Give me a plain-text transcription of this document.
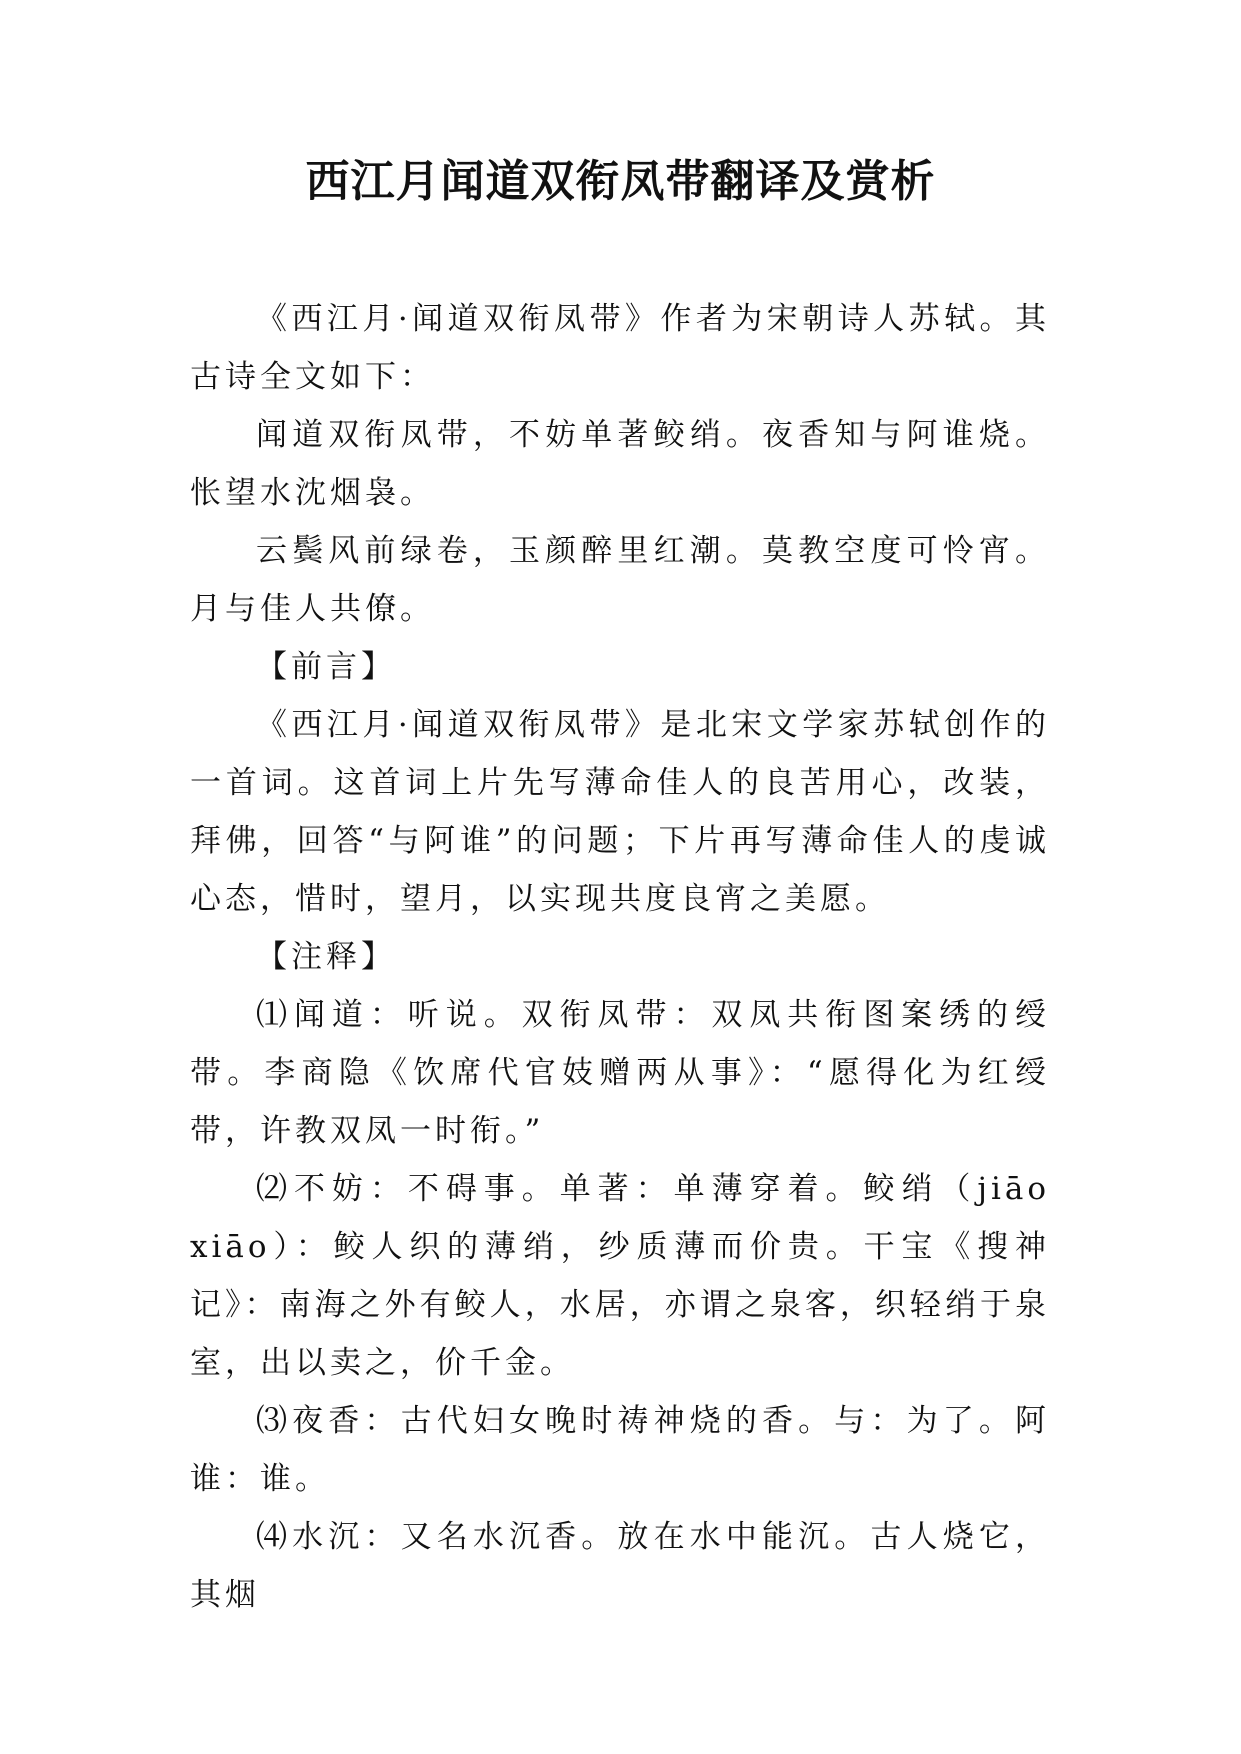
西江月闻道双衔凤带翻译及赏析

《西江月·闻道双衔凤带》作者为宋朝诗人苏轼。其古诗全文如下：

闻道双衔凤带，不妨单著鲛绡。夜香知与阿谁烧。怅望水沈烟袅。

云鬓风前绿卷，玉颜醉里红潮。莫教空度可怜宵。月与佳人共僚。

【前言】

《西江月·闻道双衔凤带》是北宋文学家苏轼创作的一首词。这首词上片先写薄命佳人的良苦用心，改装，拜佛，回答“与阿谁”的问题；下片再写薄命佳人的虔诚心态，惜时，望月，以实现共度良宵之美愿。

【注释】

⑴闻道：听说。双衔凤带：双凤共衔图案绣的绶带。李商隐《饮席代官妓赠两从事》：“愿得化为红绶带，许教双凤一时衔。”

⑵不妨：不碍事。单著：单薄穿着。鲛绡（jiāo xiāo）：鲛人织的薄绡，纱质薄而价贵。干宝《搜神记》：南海之外有鲛人，水居，亦谓之泉客，织轻绡于泉室，出以卖之，价千金。

⑶夜香：古代妇女晚时祷神烧的香。与：为了。阿谁：谁。

⑷水沉：又名水沉香。放在水中能沉。古人烧它，其烟
